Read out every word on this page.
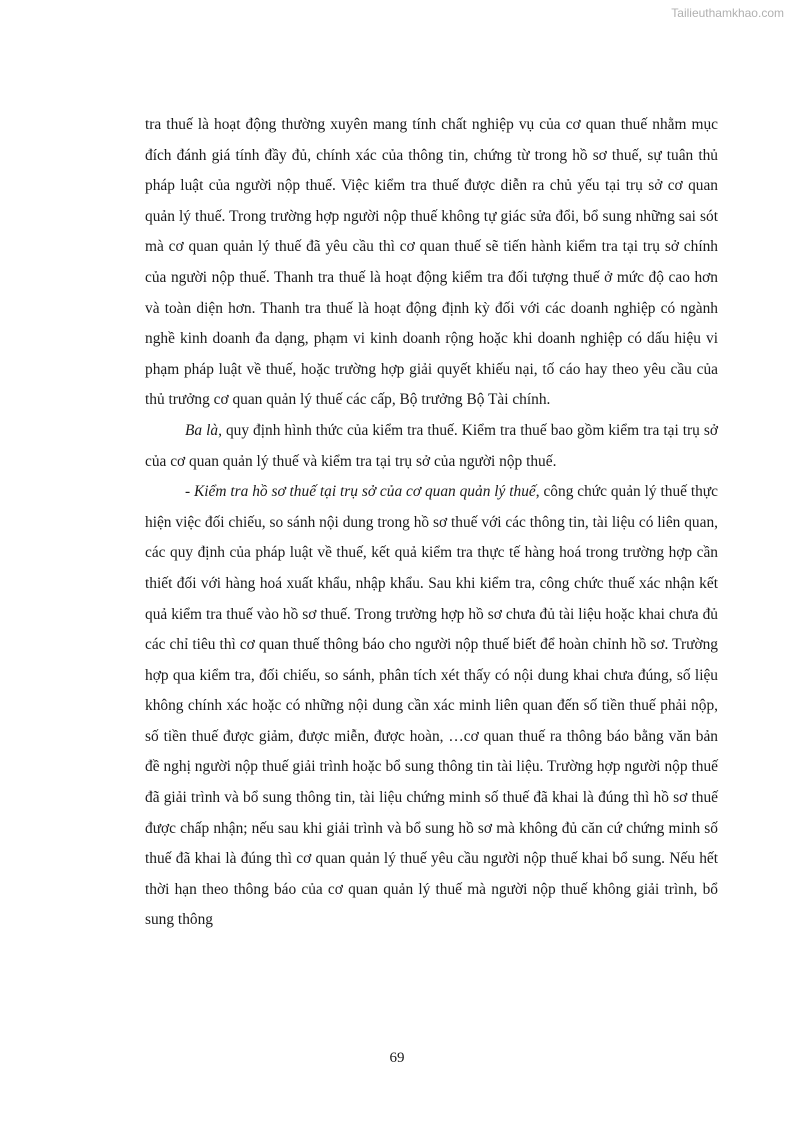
Tailieuthamkhao.com

tra thuế là hoạt động thường xuyên mang tính chất nghiệp vụ của cơ quan thuế nhằm mục đích đánh giá tính đầy đủ, chính xác của thông tin, chứng từ trong hồ sơ thuế, sự tuân thủ pháp luật của người nộp thuế. Việc kiểm tra thuế được diễn ra chủ yếu tại trụ sở cơ quan quản lý thuế. Trong trường hợp người nộp thuế không tự giác sửa đổi, bổ sung những sai sót mà cơ quan quản lý thuế đã yêu cầu thì cơ quan thuế sẽ tiến hành kiểm tra tại trụ sở chính của người nộp thuế. Thanh tra thuế là hoạt động kiểm tra đối tượng thuế ở mức độ cao hơn và toàn diện hơn. Thanh tra thuế là hoạt động định kỳ đối với các doanh nghiệp có ngành nghề kinh doanh đa dạng, phạm vi kinh doanh rộng hoặc khi doanh nghiệp có dấu hiệu vi phạm pháp luật về thuế, hoặc trường hợp giải quyết khiếu nại, tố cáo hay theo yêu cầu của thủ trưởng cơ quan quản lý thuế các cấp, Bộ trưởng Bộ Tài chính.

Ba là, quy định hình thức của kiểm tra thuế. Kiểm tra thuế bao gồm kiểm tra tại trụ sở của cơ quan quản lý thuế và kiểm tra tại trụ sở của người nộp thuế.

- Kiểm tra hồ sơ thuế tại trụ sở của cơ quan quản lý thuế, công chức quản lý thuế thực hiện việc đối chiếu, so sánh nội dung trong hồ sơ thuế với các thông tin, tài liệu có liên quan, các quy định của pháp luật về thuế, kết quả kiểm tra thực tế hàng hoá trong trường hợp cần thiết đối với hàng hoá xuất khẩu, nhập khẩu. Sau khi kiểm tra, công chức thuế xác nhận kết quả kiểm tra thuế vào hồ sơ thuế. Trong trường hợp hồ sơ chưa đủ tài liệu hoặc khai chưa đủ các chỉ tiêu thì cơ quan thuế thông báo cho người nộp thuế biết để hoàn chỉnh hồ sơ. Trường hợp qua kiểm tra, đối chiếu, so sánh, phân tích xét thấy có nội dung khai chưa đúng, số liệu không chính xác hoặc có những nội dung cần xác minh liên quan đến số tiền thuế phải nộp, số tiền thuế được giảm, được miễn, được hoàn, …cơ quan thuế ra thông báo bằng văn bản đề nghị người nộp thuế giải trình hoặc bổ sung thông tin tài liệu. Trường hợp người nộp thuế đã giải trình và bổ sung thông tin, tài liệu chứng minh số thuế đã khai là đúng thì hồ sơ thuế được chấp nhận; nếu sau khi giải trình và bổ sung hồ sơ mà không đủ căn cứ chứng minh số thuế đã khai là đúng thì cơ quan quản lý thuế yêu cầu người nộp thuế khai bổ sung. Nếu hết thời hạn theo thông báo của cơ quan quản lý thuế mà người nộp thuế không giải trình, bổ sung thông

69
